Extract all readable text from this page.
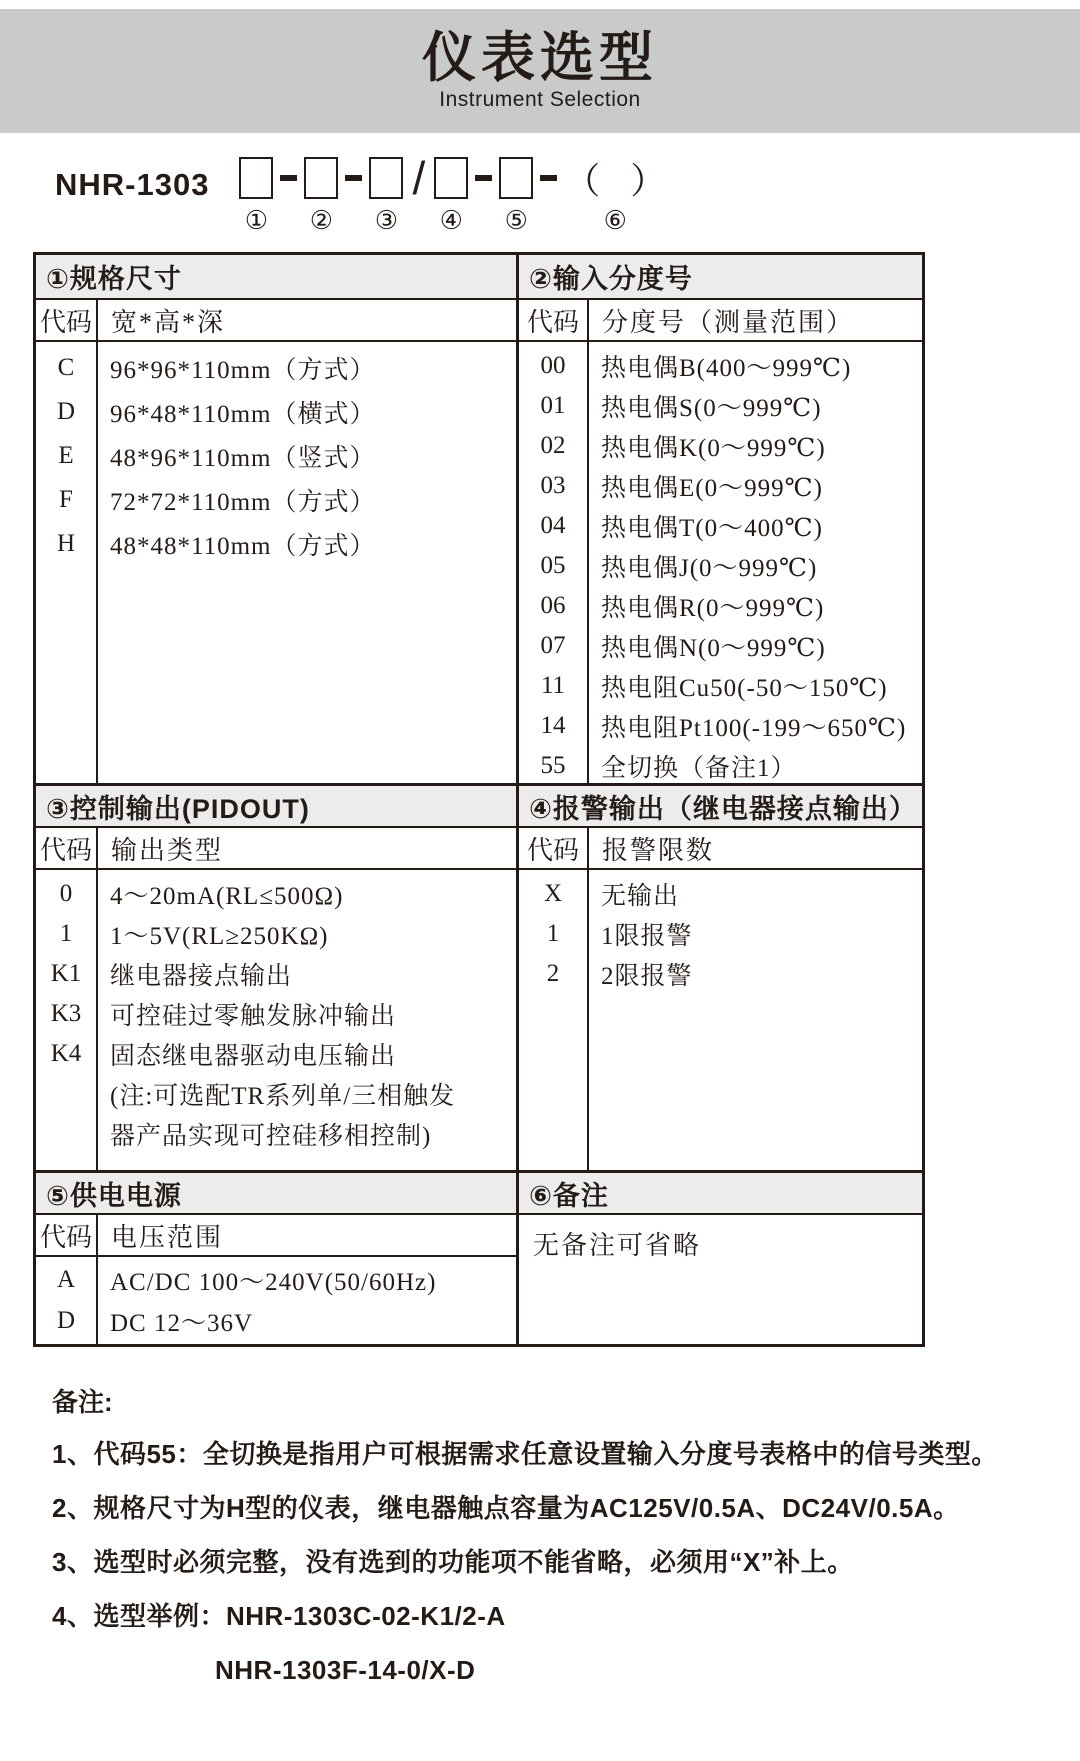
仪表选型
Instrument Selection
NHR-1303
① ② ③
/
④ ⑤
（ ）
⑥
①规格尺寸	②输入分度号
代码 宽*高*深	代码 分度号（测量范围）
C	96*96*110mm（方式）
D	96*48*110mm（横式）
E	48*96*110mm（竖式）
F	72*72*110mm（方式）
H	48*48*110mm（方式）
00	热电偶B(400～999℃)
01	热电偶S(0～999℃)
02	热电偶K(0～999℃)
03	热电偶E(0～999℃)
04	热电偶T(0～400℃)
05	热电偶J(0～999℃)
06	热电偶R(0～999℃)
07	热电偶N(0～999℃)
11	热电阻Cu50(-50～150℃)
14	热电阻Pt100(-199～650℃)
55	全切换（备注1）
③控制输出(PIDOUT)	④报警输出（继电器接点输出）
代码 输出类型	代码 报警限数
0	4～20mA(RL≤500Ω)
1	1～5V(RL≥250KΩ)
K1	继电器接点输出
K3	可控硅过零触发脉冲输出
K4	固态继电器驱动电压输出
(注:可选配TR系列单/三相触发
器产品实现可控硅移相控制)
X	无输出
1	1限报警
2	2限报警
⑤供电电源	⑥备注
代码 电压范围	无备注可省略
A	AC/DC 100～240V(50/60Hz)
D	DC 12～36V
备注:
1、代码55：全切换是指用户可根据需求任意设置输入分度号表格中的信号类型。
2、规格尺寸为H型的仪表，继电器触点容量为AC125V/0.5A、DC24V/0.5A。
3、选型时必须完整，没有选到的功能项不能省略，必须用“X”补上。
4、选型举例：NHR-1303C-02-K1/2-A
NHR-1303F-14-0/X-D
